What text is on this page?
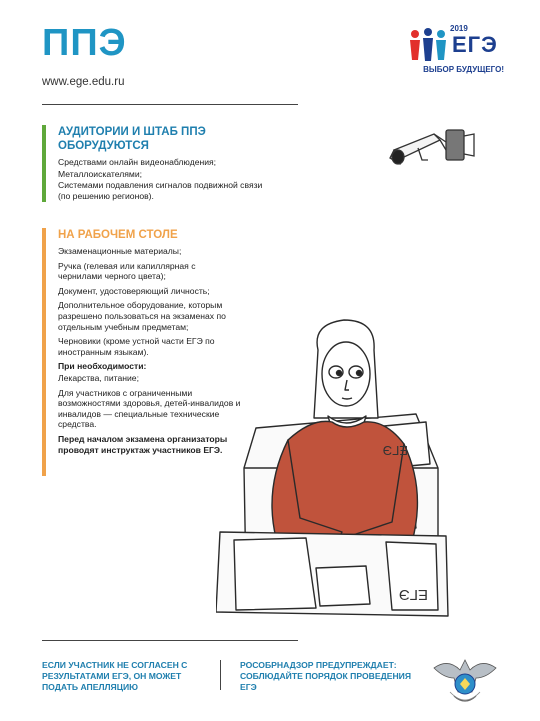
ППЭ
www.ege.edu.ru
2019
ЕГЭ
ВЫБОР БУДУЩЕГО!
АУДИТОРИИ И ШТАБ ППЭ ОБОРУДУЮТСЯ
Средствами онлайн видеонаблюдения;
Металлоискателями;
Системами подавления сигналов подвижной связи (по решению регионов).
НА РАБОЧЕМ СТОЛЕ
Экзаменационные материалы;
Ручка (гелевая или капиллярная с чернилами черного цвета);
Документ, удостоверяющий личность;
Дополнительное оборудование, которым разрешено пользоваться на экзаменах по отдельным учебным предметам;
Черновики (кроме устной части ЕГЭ по иностранным языкам).
При необходимости:
Лекарства, питание;
Для участников с ограниченными возможностями здоровья, детей-инвалидов и инвалидов — специальные технические средства.
Перед началом экзамена организаторы проводят инструктаж участников ЕГЭ.	ЕГЭ
ЕГЭ
ЕСЛИ УЧАСТНИК НЕ СОГЛАСЕН С РЕЗУЛЬТАТАМИ ЕГЭ, ОН МОЖЕТ ПОДАТЬ АПЕЛЛЯЦИЮ
РОСОБРНАДЗОР ПРЕДУПРЕЖДАЕТ: СОБЛЮДАЙТЕ ПОРЯДОК ПРОВЕДЕНИЯ ЕГЭ
